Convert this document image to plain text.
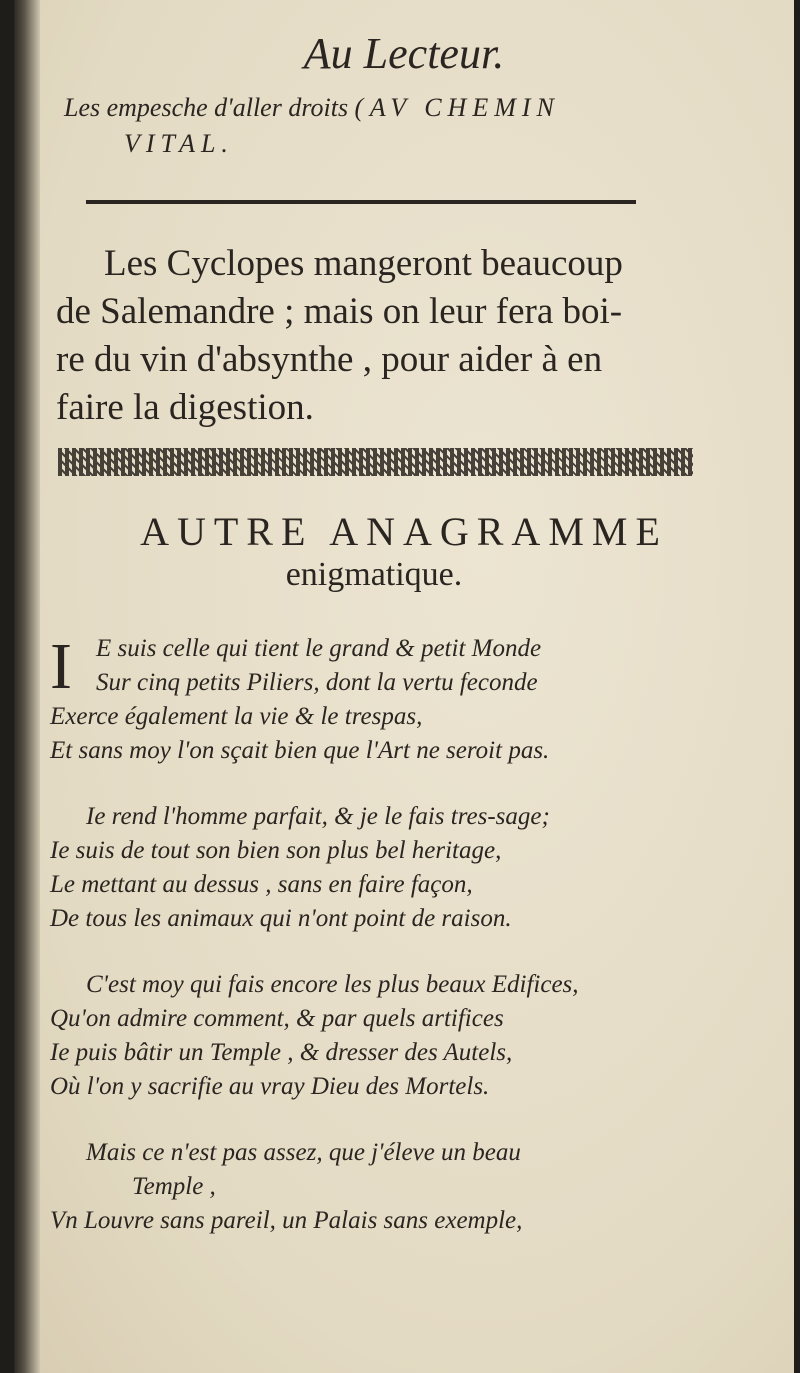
Au Lecteur.
Les empesche d'aller droits ( AV CHEMIN
VITAL.
Les Cyclopes mangeront beaucoup
de Salemandre ; mais on leur fera boi-
re du vin d'absynthe , pour aider à en
faire la digestion.
AUTRE ANAGRAMME
enigmatique.
I E suis celle qui tient le grand & petit Monde
Sur cinq petits Piliers, dont la vertu feconde
Exerce également la vie & le trespas,
Et sans moy l'on sçait bien que l'Art ne seroit pas.
Ie rend l'homme parfait, & je le fais tres-sage;
Ie suis de tout son bien son plus bel heritage,
Le mettant au dessus , sans en faire façon,
De tous les animaux qui n'ont point de raison.
C'est moy qui fais encore les plus beaux Edifices,
Qu'on admire comment, & par quels artifices
Ie puis bâtir un Temple , & dresser des Autels,
Où l'on y sacrifie au vray Dieu des Mortels.
Mais ce n'est pas assez, que j'éleve un beau
Temple ,
Vn Louvre sans pareil, un Palais sans exemple,
